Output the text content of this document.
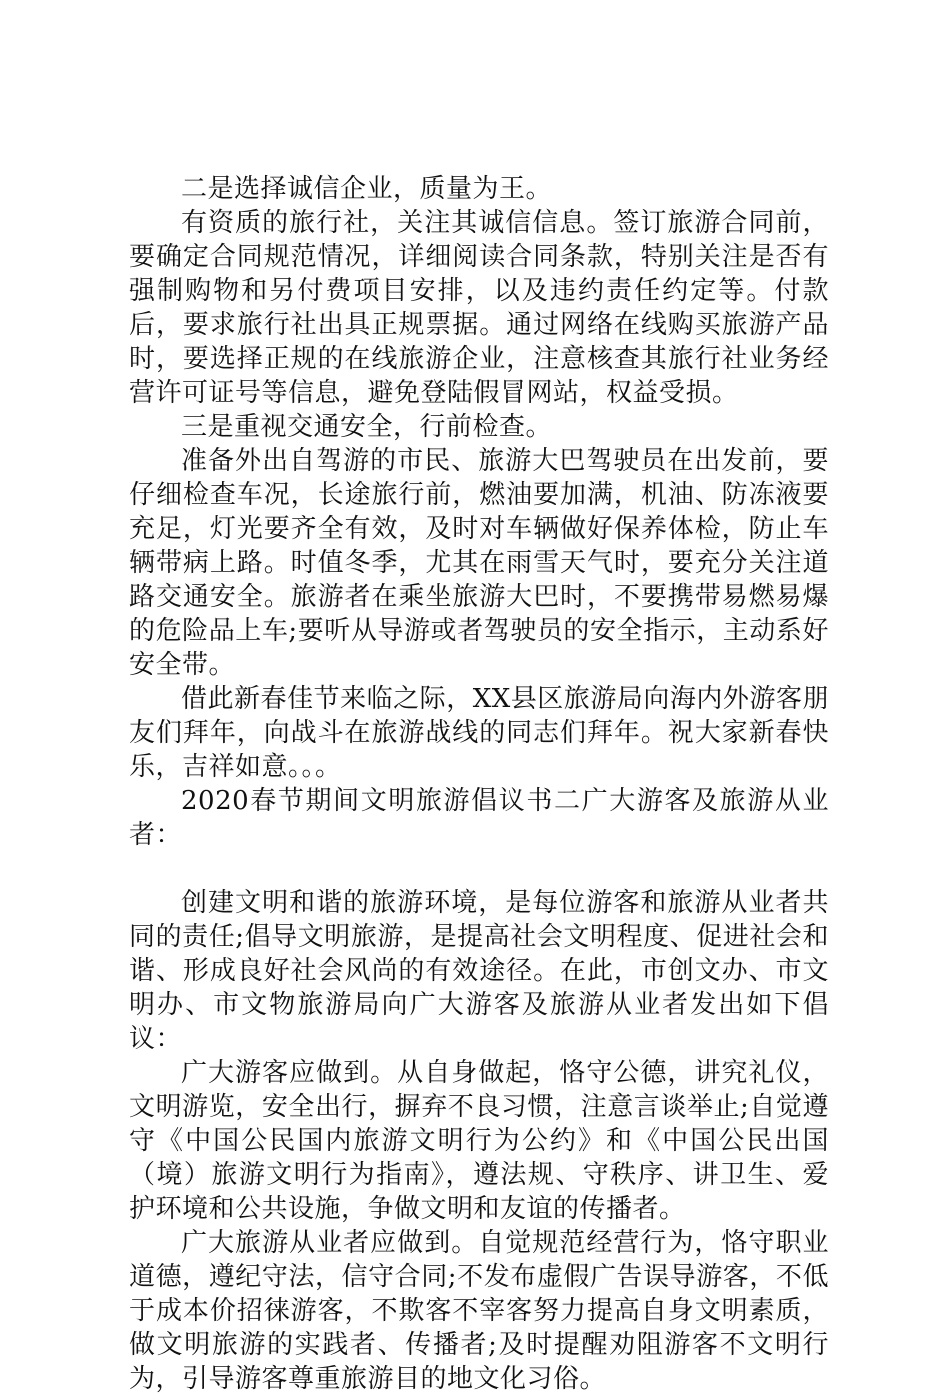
二是选择诚信企业，质量为王。

有资质的旅行社，关注其诚信信息。签订旅游合同前，要确定合同规范情况，详细阅读合同条款，特别关注是否有强制购物和另付费项目安排，以及违约责任约定等。付款后，要求旅行社出具正规票据。通过网络在线购买旅游产品时，要选择正规的在线旅游企业，注意核查其旅行社业务经营许可证号等信息，避免登陆假冒网站，权益受损。

三是重视交通安全，行前检查。

准备外出自驾游的市民、旅游大巴驾驶员在出发前，要仔细检查车况，长途旅行前，燃油要加满，机油、防冻液要充足，灯光要齐全有效，及时对车辆做好保养体检，防止车辆带病上路。时值冬季，尤其在雨雪天气时，要充分关注道路交通安全。旅游者在乘坐旅游大巴时，不要携带易燃易爆的危险品上车;要听从导游或者驾驶员的安全指示，主动系好安全带。

借此新春佳节来临之际，XX县区旅游局向海内外游客朋友们拜年，向战斗在旅游战线的同志们拜年。祝大家新春快乐，吉祥如意。。。

2020春节期间文明旅游倡议书二广大游客及旅游从业者：

创建文明和谐的旅游环境，是每位游客和旅游从业者共同的责任;倡导文明旅游，是提高社会文明程度、促进社会和谐、形成良好社会风尚的有效途径。在此，市创文办、市文明办、市文物旅游局向广大游客及旅游从业者发出如下倡议：

广大游客应做到。从自身做起，恪守公德，讲究礼仪，文明游览，安全出行，摒弃不良习惯，注意言谈举止;自觉遵守《中国公民国内旅游文明行为公约》和《中国公民出国（境）旅游文明行为指南》，遵法规、守秩序、讲卫生、爱护环境和公共设施，争做文明和友谊的传播者。

广大旅游从业者应做到。自觉规范经营行为，恪守职业道德，遵纪守法，信守合同;不发布虚假广告误导游客，不低于成本价招徕游客，不欺客不宰客努力提高自身文明素质，做文明旅游的实践者、传播者;及时提醒劝阻游客不文明行为，引导游客尊重旅游目的地文化习俗。
